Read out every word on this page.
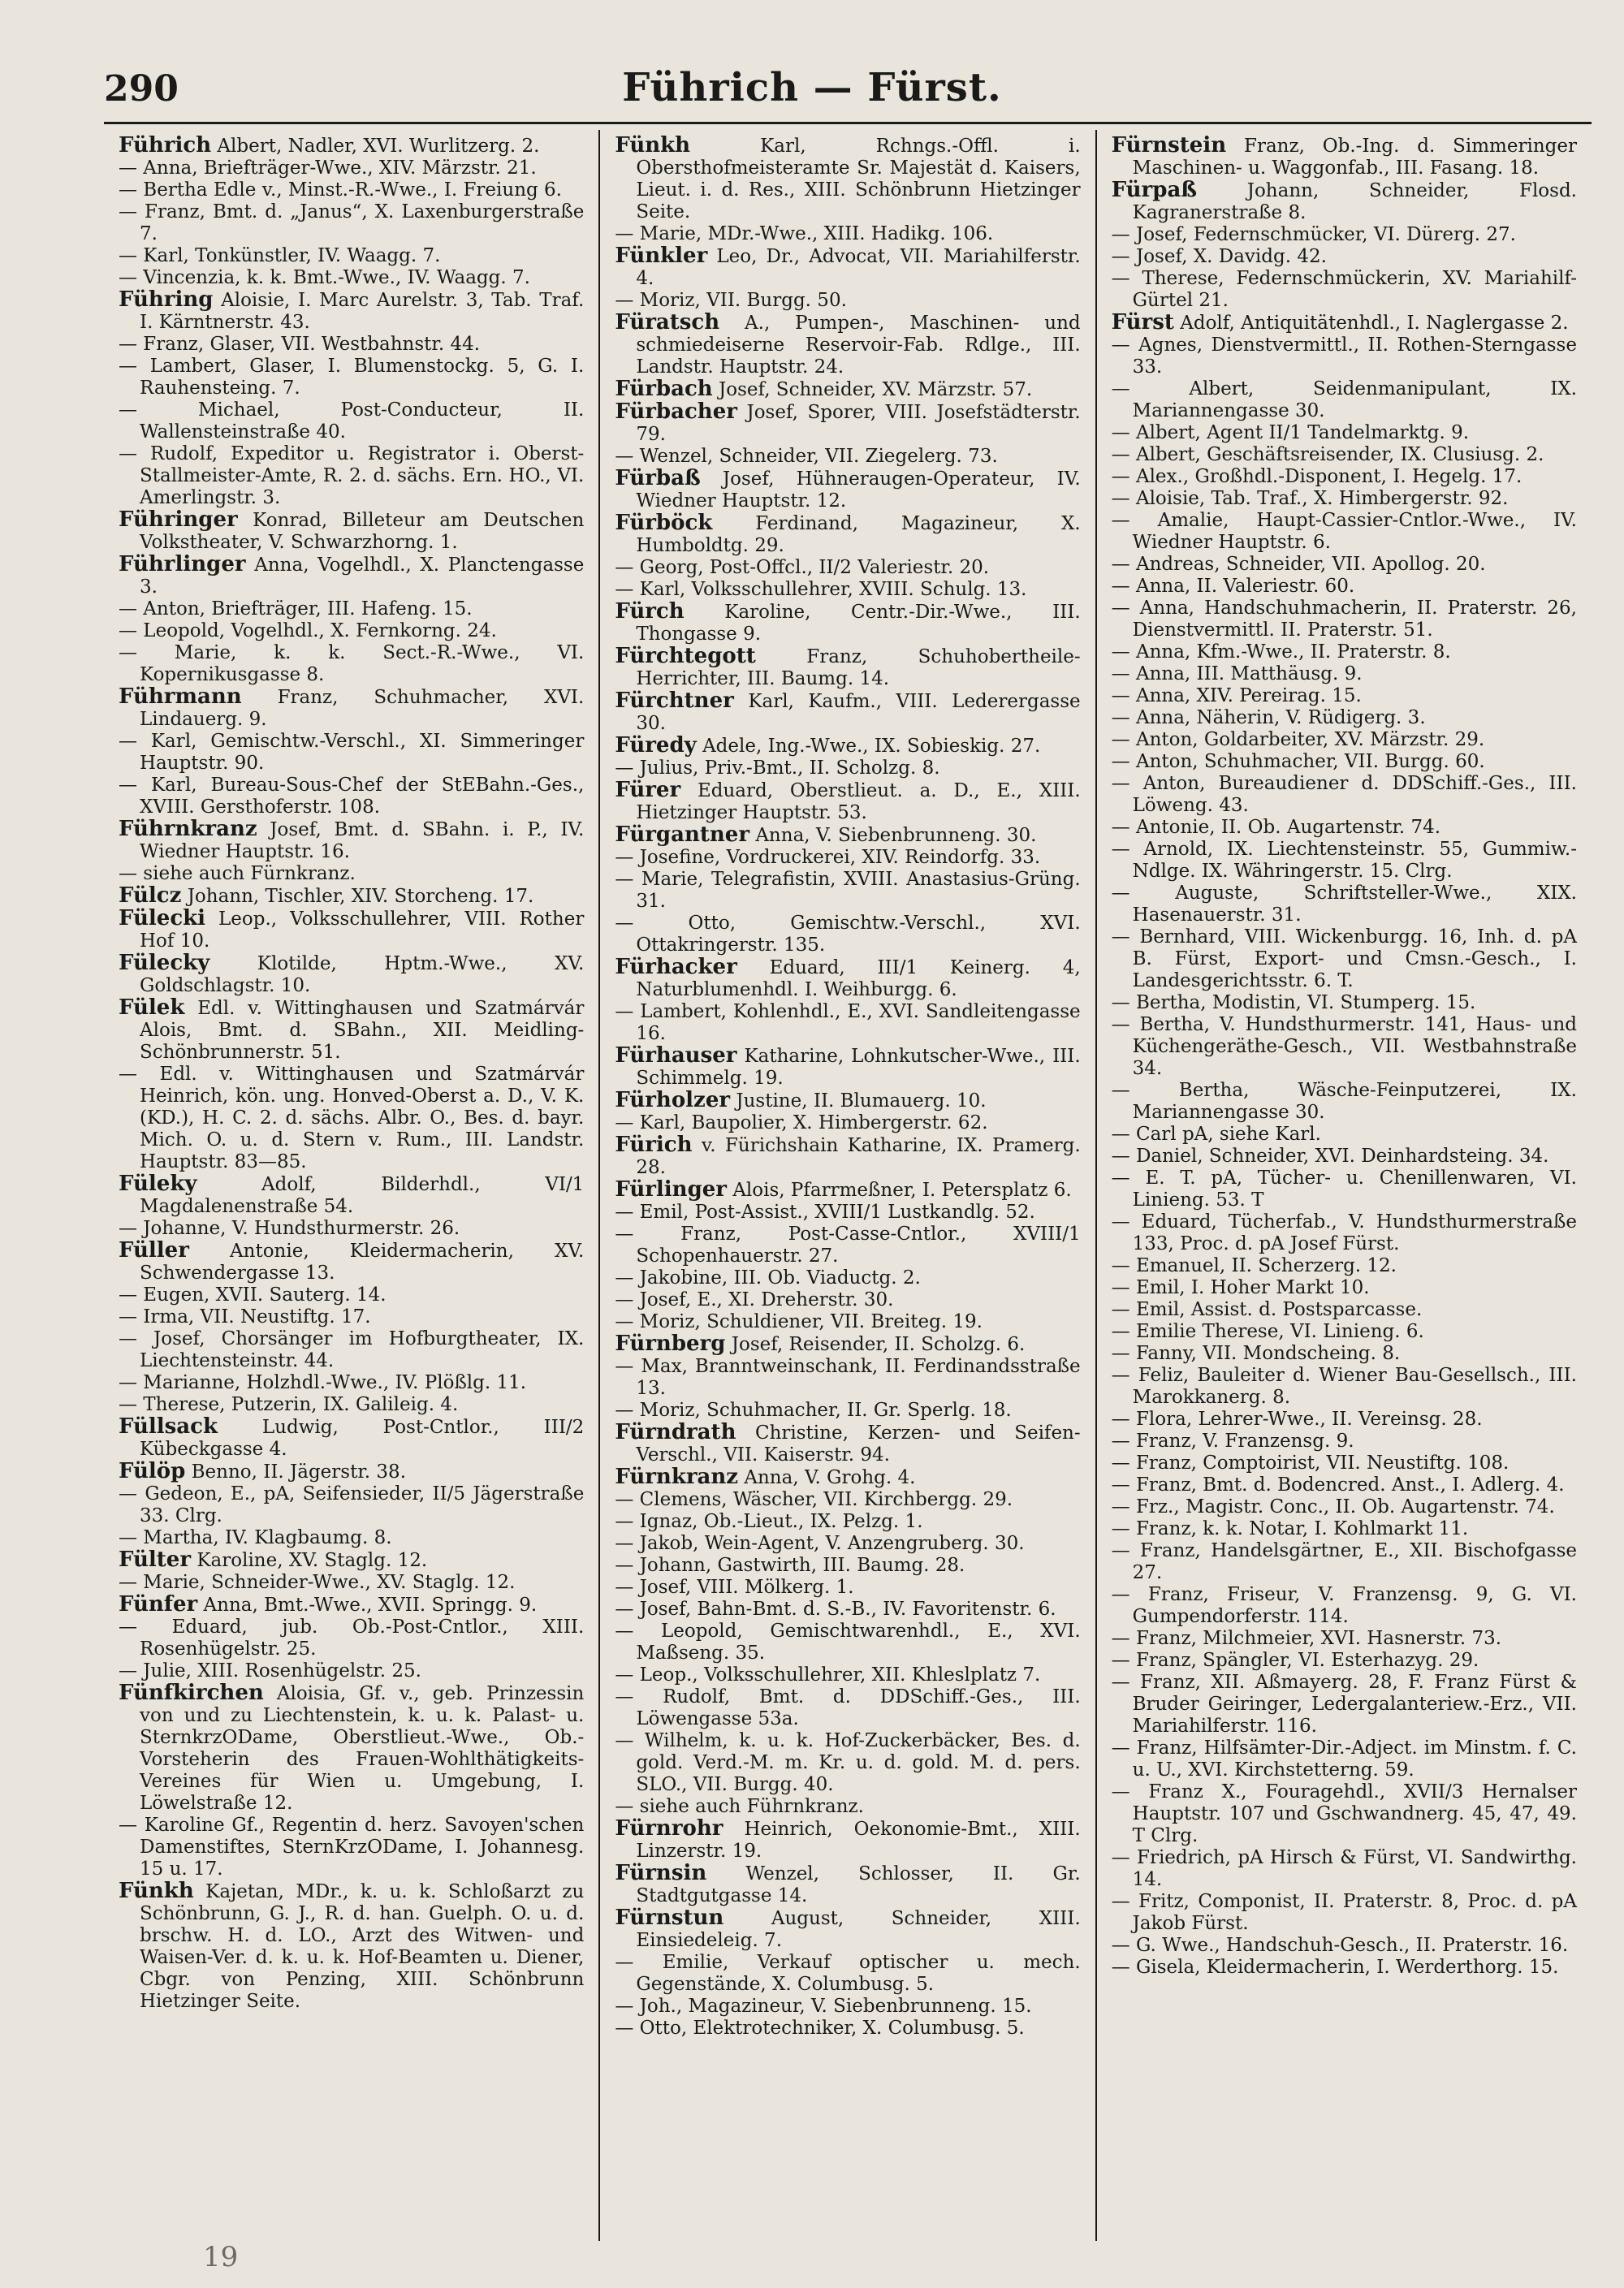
290	Führich — Fürst.

Führich Albert, Nadler, XVI. Wurlitzerg. 2.

— Anna, Briefträger-Wwe., XIV. Märzstr. 21.

— Bertha Edle v., Minst.-R.-Wwe., I. Freiung 6.

— Franz, Bmt. d. „Janus“, X. Laxenburgerstraße 7.

— Karl, Tonkünstler, IV. Waagg. 7.

— Vincenzia, k. k. Bmt.-Wwe., IV. Waagg. 7.

Führing Aloisie, I. Marc Aurelstr. 3, Tab. Traf. I. Kärntnerstr. 43.

— Franz, Glaser, VII. Westbahnstr. 44.

— Lambert, Glaser, I. Blumenstockg. 5, G. I. Rauhensteing. 7.

— Michael, Post-Conducteur, II. Wallensteinstraße 40.

— Rudolf, Expeditor u. Registrator i. Oberst-Stallmeister-Amte, R. 2. d. sächs. Ern. HO., VI. Amerlingstr. 3.

Führinger Konrad, Billeteur am Deutschen Volkstheater, V. Schwarzhorng. 1.

Führlinger Anna, Vogelhdl., X. Planctengasse 3.

— Anton, Briefträger, III. Hafeng. 15.

— Leopold, Vogelhdl., X. Fernkorng. 24.

— Marie, k. k. Sect.-R.-Wwe., VI. Kopernikusgasse 8.

Führmann Franz, Schuhmacher, XVI. Lindauerg. 9.

— Karl, Gemischtw.-Verschl., XI. Simmeringer Hauptstr. 90.

— Karl, Bureau-Sous-Chef der StEBahn.-Ges., XVIII. Gersthoferstr. 108.

Führnkranz Josef, Bmt. d. SBahn. i. P., IV. Wiedner Hauptstr. 16.

— siehe auch Fürnkranz.

Fülcz Johann, Tischler, XIV. Storcheng. 17.

Fülecki Leop., Volksschullehrer, VIII. Rother Hof 10.

Fülecky Klotilde, Hptm.-Wwe., XV. Goldschlagstr. 10.

Fülek Edl. v. Wittinghausen und Szatmárvár Alois, Bmt. d. SBahn., XII. Meidling-Schönbrunnerstr. 51.

— Edl. v. Wittinghausen und Szatmárvár Heinrich, kön. ung. Honved-Oberst a. D., V. K. (KD.), H. C. 2. d. sächs. Albr. O., Bes. d. bayr. Mich. O. u. d. Stern v. Rum., III. Landstr. Hauptstr. 83—85.

Füleky Adolf, Bilderhdl., VI/1 Magdalenenstraße 54.

— Johanne, V. Hundsthurmerstr. 26.

Füller Antonie, Kleidermacherin, XV. Schwendergasse 13.

— Eugen, XVII. Sauterg. 14.

— Irma, VII. Neustiftg. 17.

— Josef, Chorsänger im Hofburgtheater, IX. Liechtensteinstr. 44.

— Marianne, Holzhdl.-Wwe., IV. Plößlg. 11.

— Therese, Putzerin, IX. Galileig. 4.

Füllsack Ludwig, Post-Cntlor., III/2 Kübeckgasse 4.

Fülöp Benno, II. Jägerstr. 38.

— Gedeon, E., pA, Seifensieder, II/5 Jägerstraße 33. Clrg.

— Martha, IV. Klagbaumg. 8.

Fülter Karoline, XV. Staglg. 12.

— Marie, Schneider-Wwe., XV. Staglg. 12.

Fünfer Anna, Bmt.-Wwe., XVII. Springg. 9.

— Eduard, jub. Ob.-Post-Cntlor., XIII. Rosenhügelstr. 25.

— Julie, XIII. Rosenhügelstr. 25.

Fünfkirchen Aloisia, Gf. v., geb. Prinzessin von und zu Liechtenstein, k. u. k. Palast- u. SternkrzODame, Oberstlieut.-Wwe., Ob.-Vorsteherin des Frauen-Wohlthätigkeits-Vereines für Wien u. Umgebung, I. Löwelstraße 12.

— Karoline Gf., Regentin d. herz. Savoyen'schen Damenstiftes, SternKrzODame, I. Johannesg. 15 u. 17.

Fünkh Kajetan, MDr., k. u. k. Schloßarzt zu Schönbrunn, G. J., R. d. han. Guelph. O. u. d. brschw. H. d. LO., Arzt des Witwen- und Waisen-Ver. d. k. u. k. Hof-Beamten u. Diener, Cbgr. von Penzing, XIII. Schönbrunn Hietzinger Seite.

Fünkh Karl, Rchngs.-Offl. i. Obersthofmeisteramte Sr. Majestät d. Kaisers, Lieut. i. d. Res., XIII. Schönbrunn Hietzinger Seite.

— Marie, MDr.-Wwe., XIII. Hadikg. 106.

Fünkler Leo, Dr., Advocat, VII. Mariahilferstr. 4.

— Moriz, VII. Burgg. 50.

Füratsch A., Pumpen-, Maschinen- und schmiedeiserne Reservoir-Fab. Rdlge., III. Landstr. Hauptstr. 24.

Fürbach Josef, Schneider, XV. Märzstr. 57.

Fürbacher Josef, Sporer, VIII. Josefstädterstr. 79.

— Wenzel, Schneider, VII. Ziegelerg. 73.

Fürbaß Josef, Hühneraugen-Operateur, IV. Wiedner Hauptstr. 12.

Fürböck Ferdinand, Magazineur, X. Humboldtg. 29.

— Georg, Post-Offcl., II/2 Valeriestr. 20.

— Karl, Volksschullehrer, XVIII. Schulg. 13.

Fürch Karoline, Centr.-Dir.-Wwe., III. Thongasse 9.

Fürchtegott Franz, Schuhobertheile-Herrichter, III. Baumg. 14.

Fürchtner Karl, Kaufm., VIII. Lederergasse 30.

Füredy Adele, Ing.-Wwe., IX. Sobieskig. 27.

— Julius, Priv.-Bmt., II. Scholzg. 8.

Fürer Eduard, Oberstlieut. a. D., E., XIII. Hietzinger Hauptstr. 53.

Fürgantner Anna, V. Siebenbrunneng. 30.

— Josefine, Vordruckerei, XIV. Reindorfg. 33.

— Marie, Telegrafistin, XVIII. Anastasius-Grüng. 31.

— Otto, Gemischtw.-Verschl., XVI. Ottakringerstr. 135.

Fürhacker Eduard, III/1 Keinerg. 4, Naturblumenhdl. I. Weihburgg. 6.

— Lambert, Kohlenhdl., E., XVI. Sandleitengasse 16.

Fürhauser Katharine, Lohnkutscher-Wwe., III. Schimmelg. 19.

Fürholzer Justine, II. Blumauerg. 10.

— Karl, Baupolier, X. Himbergerstr. 62.

Fürich v. Fürichshain Katharine, IX. Pramerg. 28.

Fürlinger Alois, Pfarrmeßner, I. Petersplatz 6.

— Emil, Post-Assist., XVIII/1 Lustkandlg. 52.

— Franz, Post-Casse-Cntlor., XVIII/1 Schopenhauerstr. 27.

— Jakobine, III. Ob. Viaductg. 2.

— Josef, E., XI. Dreherstr. 30.

— Moriz, Schuldiener, VII. Breiteg. 19.

Fürnberg Josef, Reisender, II. Scholzg. 6.

— Max, Branntweinschank, II. Ferdinandsstraße 13.

— Moriz, Schuhmacher, II. Gr. Sperlg. 18.

Fürndrath Christine, Kerzen- und Seifen-Verschl., VII. Kaiserstr. 94.

Fürnkranz Anna, V. Grohg. 4.

— Clemens, Wäscher, VII. Kirchbergg. 29.

— Ignaz, Ob.-Lieut., IX. Pelzg. 1.

— Jakob, Wein-Agent, V. Anzengruberg. 30.

— Johann, Gastwirth, III. Baumg. 28.

— Josef, VIII. Mölkerg. 1.

— Josef, Bahn-Bmt. d. S.-B., IV. Favoritenstr. 6.

— Leopold, Gemischtwarenhdl., E., XVI. Maßseng. 35.

— Leop., Volksschullehrer, XII. Khleslplatz 7.

— Rudolf, Bmt. d. DDSchiff.-Ges., III. Löwengasse 53a.

— Wilhelm, k. u. k. Hof-Zuckerbäcker, Bes. d. gold. Verd.-M. m. Kr. u. d. gold. M. d. pers. SLO., VII. Burgg. 40.

— siehe auch Führnkranz.

Fürnrohr Heinrich, Oekonomie-Bmt., XIII. Linzerstr. 19.

Fürnsin Wenzel, Schlosser, II. Gr. Stadtgutgasse 14.

Fürnstun August, Schneider, XIII. Einsiedeleig. 7.

— Emilie, Verkauf optischer u. mech. Gegenstände, X. Columbusg. 5.

— Joh., Magazineur, V. Siebenbrunneng. 15.

— Otto, Elektrotechniker, X. Columbusg. 5.

Fürnstein Franz, Ob.-Ing. d. Simmeringer Maschinen- u. Waggonfab., III. Fasang. 18.

Fürpaß Johann, Schneider, Flosd. Kagranerstraße 8.

— Josef, Federnschmücker, VI. Dürerg. 27.

— Josef, X. Davidg. 42.

— Therese, Federnschmückerin, XV. Mariahilf-Gürtel 21.

Fürst Adolf, Antiquitätenhdl., I. Naglergasse 2.

— Agnes, Dienstvermittl., II. Rothen-Sterngasse 33.

— Albert, Seidenmanipulant, IX. Mariannengasse 30.

— Albert, Agent II/1 Tandelmarktg. 9.

— Albert, Geschäftsreisender, IX. Clusiusg. 2.

— Alex., Großhdl.-Disponent, I. Hegelg. 17.

— Aloisie, Tab. Traf., X. Himbergerstr. 92.

— Amalie, Haupt-Cassier-Cntlor.-Wwe., IV. Wiedner Hauptstr. 6.

— Andreas, Schneider, VII. Apollog. 20.

— Anna, II. Valeriestr. 60.

— Anna, Handschuhmacherin, II. Praterstr. 26, Dienstvermittl. II. Praterstr. 51.

— Anna, Kfm.-Wwe., II. Praterstr. 8.

— Anna, III. Matthäusg. 9.

— Anna, XIV. Pereirag. 15.

— Anna, Näherin, V. Rüdigerg. 3.

— Anton, Goldarbeiter, XV. Märzstr. 29.

— Anton, Schuhmacher, VII. Burgg. 60.

— Anton, Bureaudiener d. DDSchiff.-Ges., III. Löweng. 43.

— Antonie, II. Ob. Augartenstr. 74.

— Arnold, IX. Liechtensteinstr. 55, Gummiw.-Ndlge. IX. Währingerstr. 15. Clrg.

— Auguste, Schriftsteller-Wwe., XIX. Hasenauerstr. 31.

— Bernhard, VIII. Wickenburgg. 16, Inh. d. pA B. Fürst, Export- und Cmsn.-Gesch., I. Landesgerichtsstr. 6. T.

— Bertha, Modistin, VI. Stumperg. 15.

— Bertha, V. Hundsthurmerstr. 141, Haus- und Küchengeräthe-Gesch., VII. Westbahnstraße 34.

— Bertha, Wäsche-Feinputzerei, IX. Mariannengasse 30.

— Carl pA, siehe Karl.

— Daniel, Schneider, XVI. Deinhardsteing. 34.

— E. T. pA, Tücher- u. Chenillenwaren, VI. Linieng. 53. T

— Eduard, Tücherfab., V. Hundsthurmerstraße 133, Proc. d. pA Josef Fürst.

— Emanuel, II. Scherzerg. 12.

— Emil, I. Hoher Markt 10.

— Emil, Assist. d. Postsparcasse.

— Emilie Therese, VI. Linieng. 6.

— Fanny, VII. Mondscheing. 8.

— Feliz, Bauleiter d. Wiener Bau-Gesellsch., III. Marokkanerg. 8.

— Flora, Lehrer-Wwe., II. Vereinsg. 28.

— Franz, V. Franzensg. 9.

— Franz, Comptoirist, VII. Neustiftg. 108.

— Franz, Bmt. d. Bodencred. Anst., I. Adlerg. 4.

— Frz., Magistr. Conc., II. Ob. Augartenstr. 74.

— Franz, k. k. Notar, I. Kohlmarkt 11.

— Franz, Handelsgärtner, E., XII. Bischofgasse 27.

— Franz, Friseur, V. Franzensg. 9, G. VI. Gumpendorferstr. 114.

— Franz, Milchmeier, XVI. Hasnerstr. 73.

— Franz, Spängler, VI. Esterhazyg. 29.

— Franz, XII. Aßmayerg. 28, F. Franz Fürst & Bruder Geiringer, Ledergalanteriew.-Erz., VII. Mariahilferstr. 116.

— Franz, Hilfsämter-Dir.-Adject. im Minstm. f. C. u. U., XVI. Kirchstetterng. 59.

— Franz X., Fouragehdl., XVII/3 Hernalser Hauptstr. 107 und Gschwandnerg. 45, 47, 49. T Clrg.

— Friedrich, pA Hirsch & Fürst, VI. Sandwirthg. 14.

— Fritz, Componist, II. Praterstr. 8, Proc. d. pA Jakob Fürst.

— G. Wwe., Handschuh-Gesch., II. Praterstr. 16.

— Gisela, Kleidermacherin, I. Werderthorg. 15.

19
